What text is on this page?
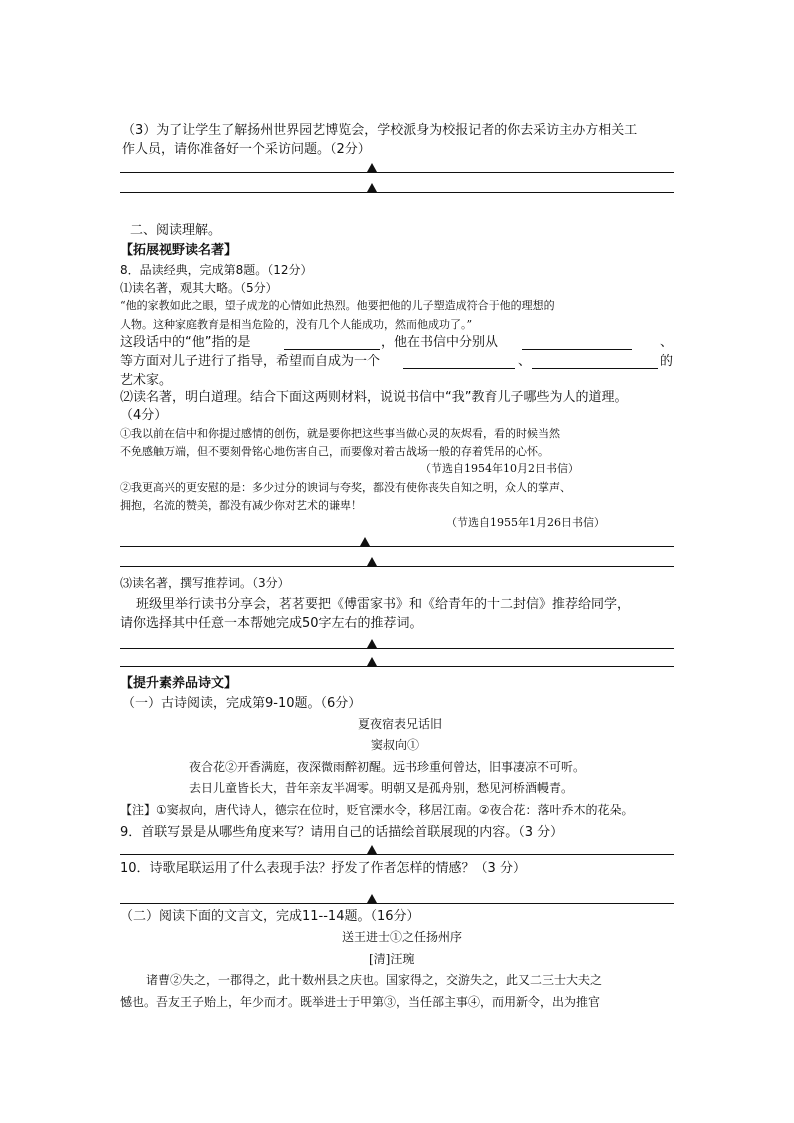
（3）为了让学生了解扬州世界园艺博览会，学校派身为校报记者的你去采访主办方相关工
作人员，请你准备好一个采访问题。（2分）
二、阅读理解。
【拓展视野读名著】
8．品读经典，完成第8题。（12分）
⑴读名著，观其大略。（5分）
“他的家教如此之眼，望子成龙的心情如此热烈。他要把他的儿子塑造成符合于他的理想的
人物。这种家庭教育是相当危险的，没有几个人能成功，然而他成功了。”
这段话中的“他”指的是	，他在书信中分别从	、
等方面对儿子进行了指导，希望而自成为一个	、	的
艺术家。
⑵读名著，明白道理。结合下面这两则材料，说说书信中“我”教育儿子哪些为人的道理。
（4分）
①我以前在信中和你提过感情的创伤，就是要你把这些事当做心灵的灰烬看，看的时候当然
不免感触万端，但不要刻骨铭心地伤害自己，而要像对着古战场一般的存着凭吊的心怀。
（节选自1954年10月2日书信）
②我更高兴的更安慰的是：多少过分的谀词与夸奖，都没有使你丧失自知之明，众人的掌声、
拥抱，名流的赞美，都没有减少你对艺术的谦卑！
（节选自1955年1月26日书信）
⑶读名著，撰写推荐词。（3分）
班级里举行读书分享会，茗茗要把《傅雷家书》和《给青年的十二封信》推荐给同学，
请你选择其中任意一本帮她完成50字左右的推荐词。
【提升素养品诗文】
（一）古诗阅读，完成第9-10题。（6分）
夏夜宿表兄话旧
窦叔向①
夜合花②开香满庭，夜深微雨醉初醒。远书珍重何曾达，旧事凄凉不可听。
去日儿童皆长大，昔年亲友半凋零。明朝又是孤舟别，愁见河桥酒幔青。
【注】①窦叔向，唐代诗人，德宗在位时，贬官溧水令，移居江南。②夜合花：落叶乔木的花朵。
9．首联写景是从哪些角度来写？请用自己的话描绘首联展现的内容。（3 分）
10．诗歌尾联运用了什么表现手法？抒发了作者怎样的情感？（3 分）
（二）阅读下面的文言文，完成11--14题。（16分）
送王进士①之任扬州序
[清]汪琬
诸曹②失之，一郡得之，此十数州县之庆也。国家得之，交游失之，此又二三士大夫之
憾也。吾友王子贻上，年少而才。既举进士于甲第③，当任部主事④，而用新令，出为推官
